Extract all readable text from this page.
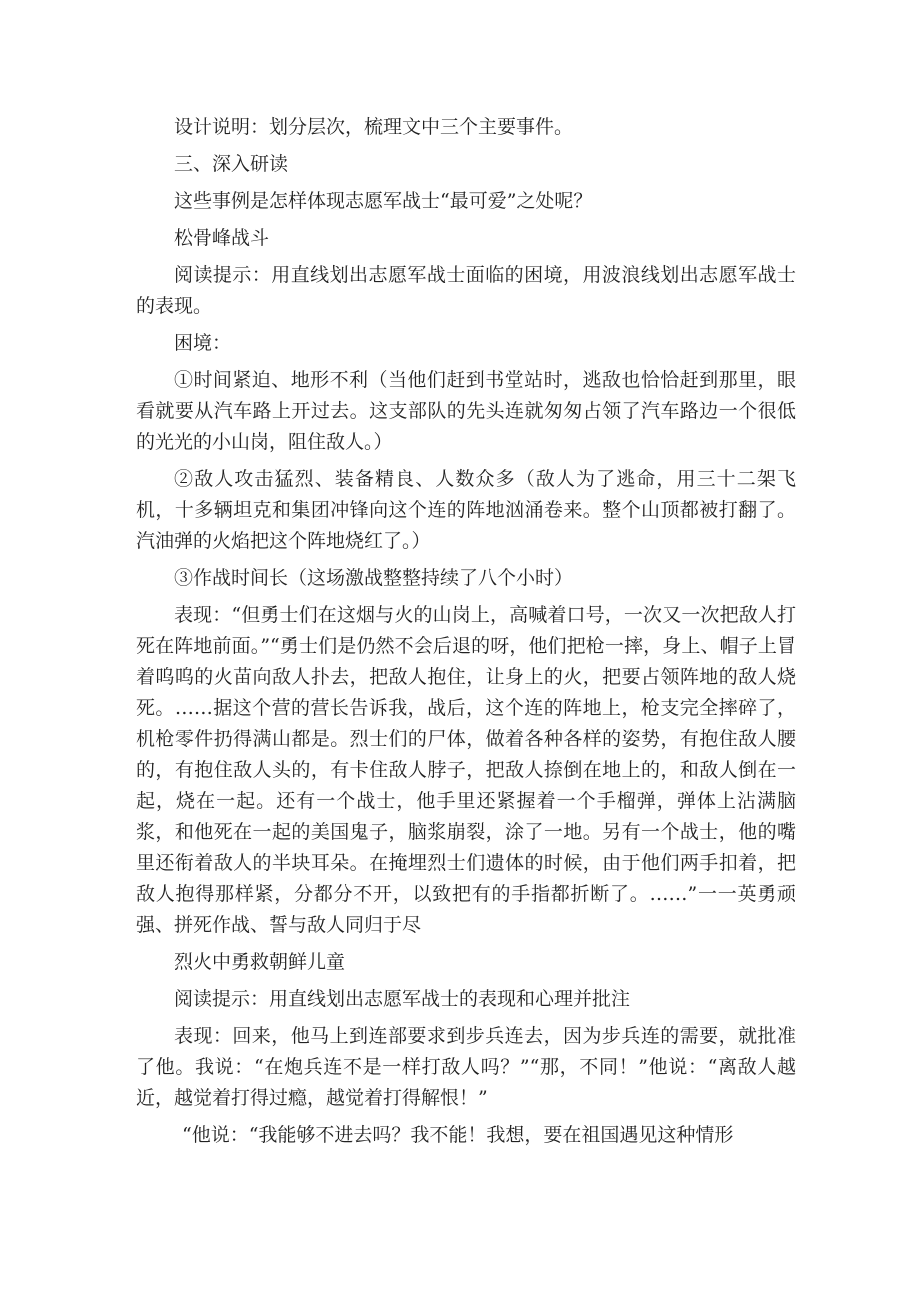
设计说明：划分层次，梳理文中三个主要事件。

三、深入研读

这些事例是怎样体现志愿军战士“最可爱”之处呢？

松骨峰战斗

阅读提示：用直线划出志愿军战士面临的困境，用波浪线划出志愿军战士的表现。

困境：

①时间紧迫、地形不利（当他们赶到书堂站时，逃敌也恰恰赶到那里，眼看就要从汽车路上开过去。这支部队的先头连就匆匆占领了汽车路边一个很低的光光的小山岗，阻住敌人。）

②敌人攻击猛烈、装备精良、人数众多（敌人为了逃命，用三十二架飞机，十多辆坦克和集团冲锋向这个连的阵地汹涌卷来。整个山顶都被打翻了。汽油弹的火焰把这个阵地烧红了。）

③作战时间长（这场激战整整持续了八个小时）

表现：“但勇士们在这烟与火的山岗上，高喊着口号，一次又一次把敌人打死在阵地前面。”“勇士们是仍然不会后退的呀，他们把枪一摔，身上、帽子上冒着呜呜的火苗向敌人扑去，把敌人抱住，让身上的火，把要占领阵地的敌人烧死。……据这个营的营长告诉我，战后，这个连的阵地上，枪支完全摔碎了，机枪零件扔得满山都是。烈士们的尸体，做着各种各样的姿势，有抱住敌人腰的，有抱住敌人头的，有卡住敌人脖子，把敌人捺倒在地上的，和敌人倒在一起，烧在一起。还有一个战士，他手里还紧握着一个手榴弹，弹体上沾满脑浆，和他死在一起的美国鬼子，脑浆崩裂，涂了一地。另有一个战士，他的嘴里还衔着敌人的半块耳朵。在掩埋烈士们遗体的时候，由于他们两手扣着，把敌人抱得那样紧，分都分不开，以致把有的手指都折断了。……”一一英勇顽强、拼死作战、誓与敌人同归于尽

烈火中勇救朝鲜儿童

阅读提示：用直线划出志愿军战士的表现和心理并批注

表现：回来，他马上到连部要求到步兵连去，因为步兵连的需要，就批准了他。我说：“在炮兵连不是一样打敌人吗？”“那，不同！”他说：“离敌人越近，越觉着打得过瘾，越觉着打得解恨！”

“他说：“我能够不进去吗？我不能！我想，要在祖国遇见这种情形
